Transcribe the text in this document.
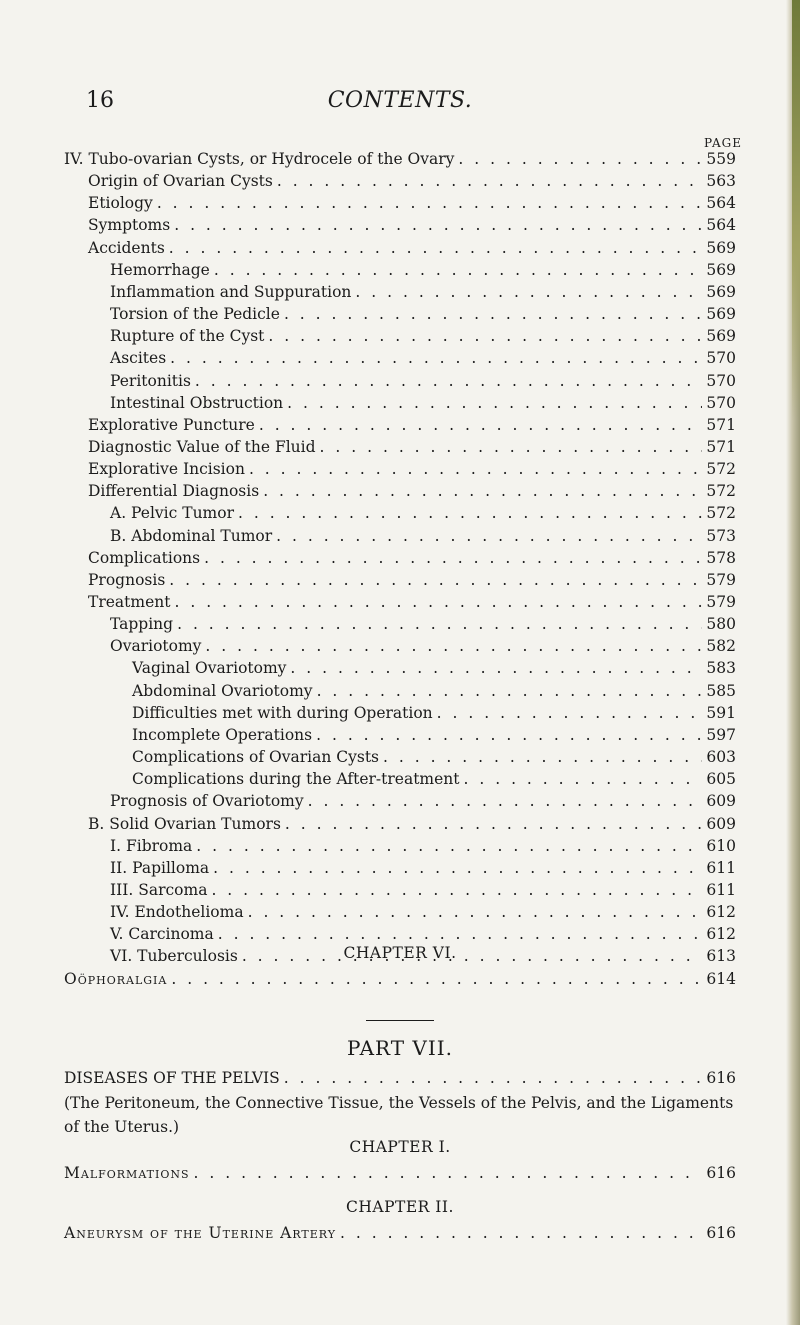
16	CONTENTS.
PAGE
IV. Tubo-ovarian Cysts, or Hydrocele of the Ovary . . .	559
Origin of Ovarian Cysts . . .	563
Etiology . . .	564
Symptoms . . .	564
Accidents . . .	569
Hemorrhage . . .	569
Inflammation and Suppuration . . .	569
Torsion of the Pedicle . . .	569
Rupture of the Cyst . . .	569
Ascites . . .	570
Peritonitis . . .	570
Intestinal Obstruction . . .	570
Explorative Puncture . . .	571
Diagnostic Value of the Fluid . . .	571
Explorative Incision . . .	572
Differential Diagnosis . . .	572
A. Pelvic Tumor . . .	572
B. Abdominal Tumor . . .	573
Complications . . .	578
Prognosis . . .	579
Treatment . . .	579
Tapping . . .	580
Ovariotomy . . .	582
Vaginal Ovariotomy . . .	583
Abdominal Ovariotomy . . .	585
Difficulties met with during Operation . . .	591
Incomplete Operations . . .	597
Complications of Ovarian Cysts . . .	603
Complications during the After-treatment . . .	605
Prognosis of Ovariotomy . . .	609
B. Solid Ovarian Tumors . . .	609
I. Fibroma . . .	610
II. Papilloma . . .	611
III. Sarcoma . . .	611
IV. Endothelioma . . .	612
V. Carcinoma . . .	612
VI. Tuberculosis . . .	613
CHAPTER VI.
Oöphoralgia . . .	614
PART VII.
DISEASES OF THE PELVIS . . .	616
(The Peritoneum, the Connective Tissue, the Vessels of the Pelvis, and the Ligaments of the Uterus.)
CHAPTER I.
Malformations . . .	616
CHAPTER II.
Aneurysm of the Uterine Artery . . .	616
